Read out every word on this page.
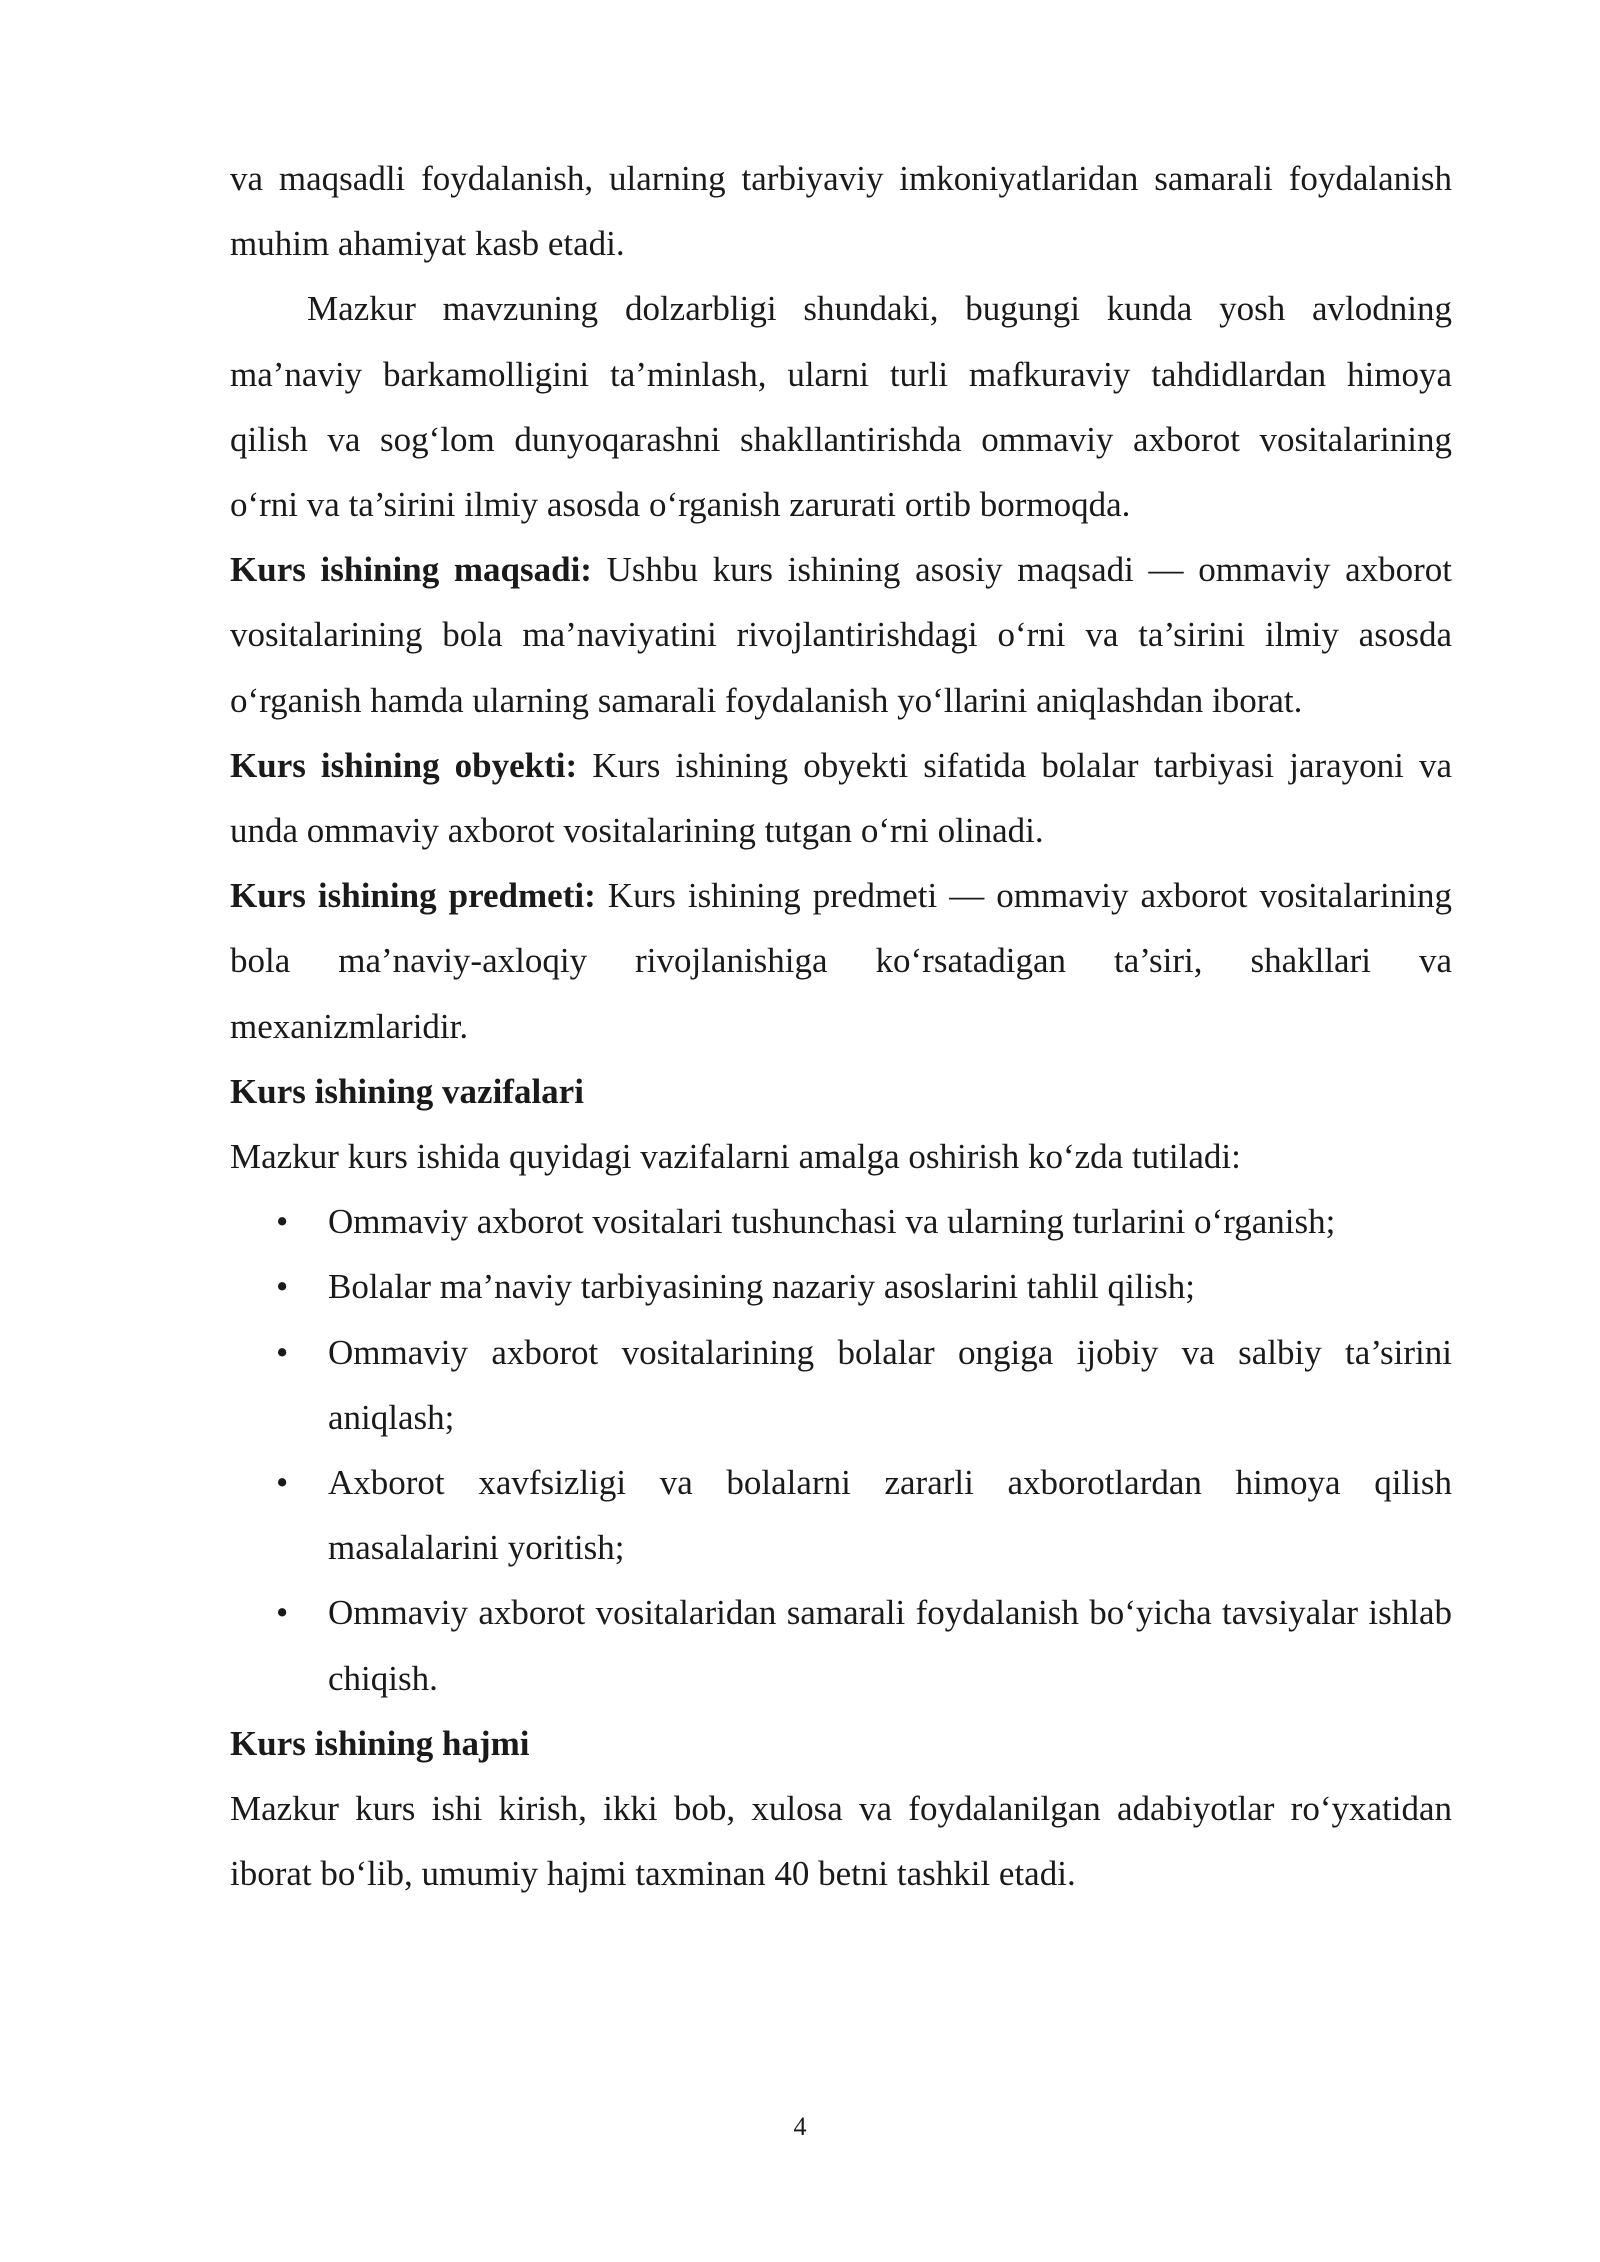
va maqsadli foydalanish, ularning tarbiyaviy imkoniyatlaridan samarali foydalanish muhim ahamiyat kasb etadi.

Mazkur mavzuning dolzarbligi shundaki, bugungi kunda yosh avlodning ma’naviy barkamolligini ta’minlash, ularni turli mafkuraviy tahdidlardan himoya qilish va sog‘lom dunyoqarashni shakllantirishda ommaviy axborot vositalarining o‘rni va ta’sirini ilmiy asosda o‘rganish zarurati ortib bormoqda.

Kurs ishining maqsadi: Ushbu kurs ishining asosiy maqsadi — ommaviy axborot vositalarining bola ma’naviyatini rivojlantirishdagi o‘rni va ta’sirini ilmiy asosda o‘rganish hamda ularning samarali foydalanish yo‘llarini aniqlashdan iborat.

Kurs ishining obyekti: Kurs ishining obyekti sifatida bolalar tarbiyasi jarayoni va unda ommaviy axborot vositalarining tutgan o‘rni olinadi.

Kurs ishining predmeti: Kurs ishining predmeti — ommaviy axborot vositalarining bola ma’naviy-axloqiy rivojlanishiga ko‘rsatadigan ta’siri, shakllari va mexanizmlaridir.

Kurs ishining vazifalari

Mazkur kurs ishida quyidagi vazifalarni amalga oshirish ko‘zda tutiladi:

• Ommaviy axborot vositalari tushunchasi va ularning turlarini o‘rganish;
• Bolalar ma’naviy tarbiyasining nazariy asoslarini tahlil qilish;
• Ommaviy axborot vositalarining bolalar ongiga ijobiy va salbiy ta’sirini aniqlash;
• Axborot xavfsizligi va bolalarni zararli axborotlardan himoya qilish masalalarini yoritish;
• Ommaviy axborot vositalaridan samarali foydalanish bo‘yicha tavsiyalar ishlab chiqish.

Kurs ishining hajmi

Mazkur kurs ishi kirish, ikki bob, xulosa va foydalanilgan adabiyotlar ro‘yxatidan iborat bo‘lib, umumiy hajmi taxminan 40 betni tashkil etadi.

4
